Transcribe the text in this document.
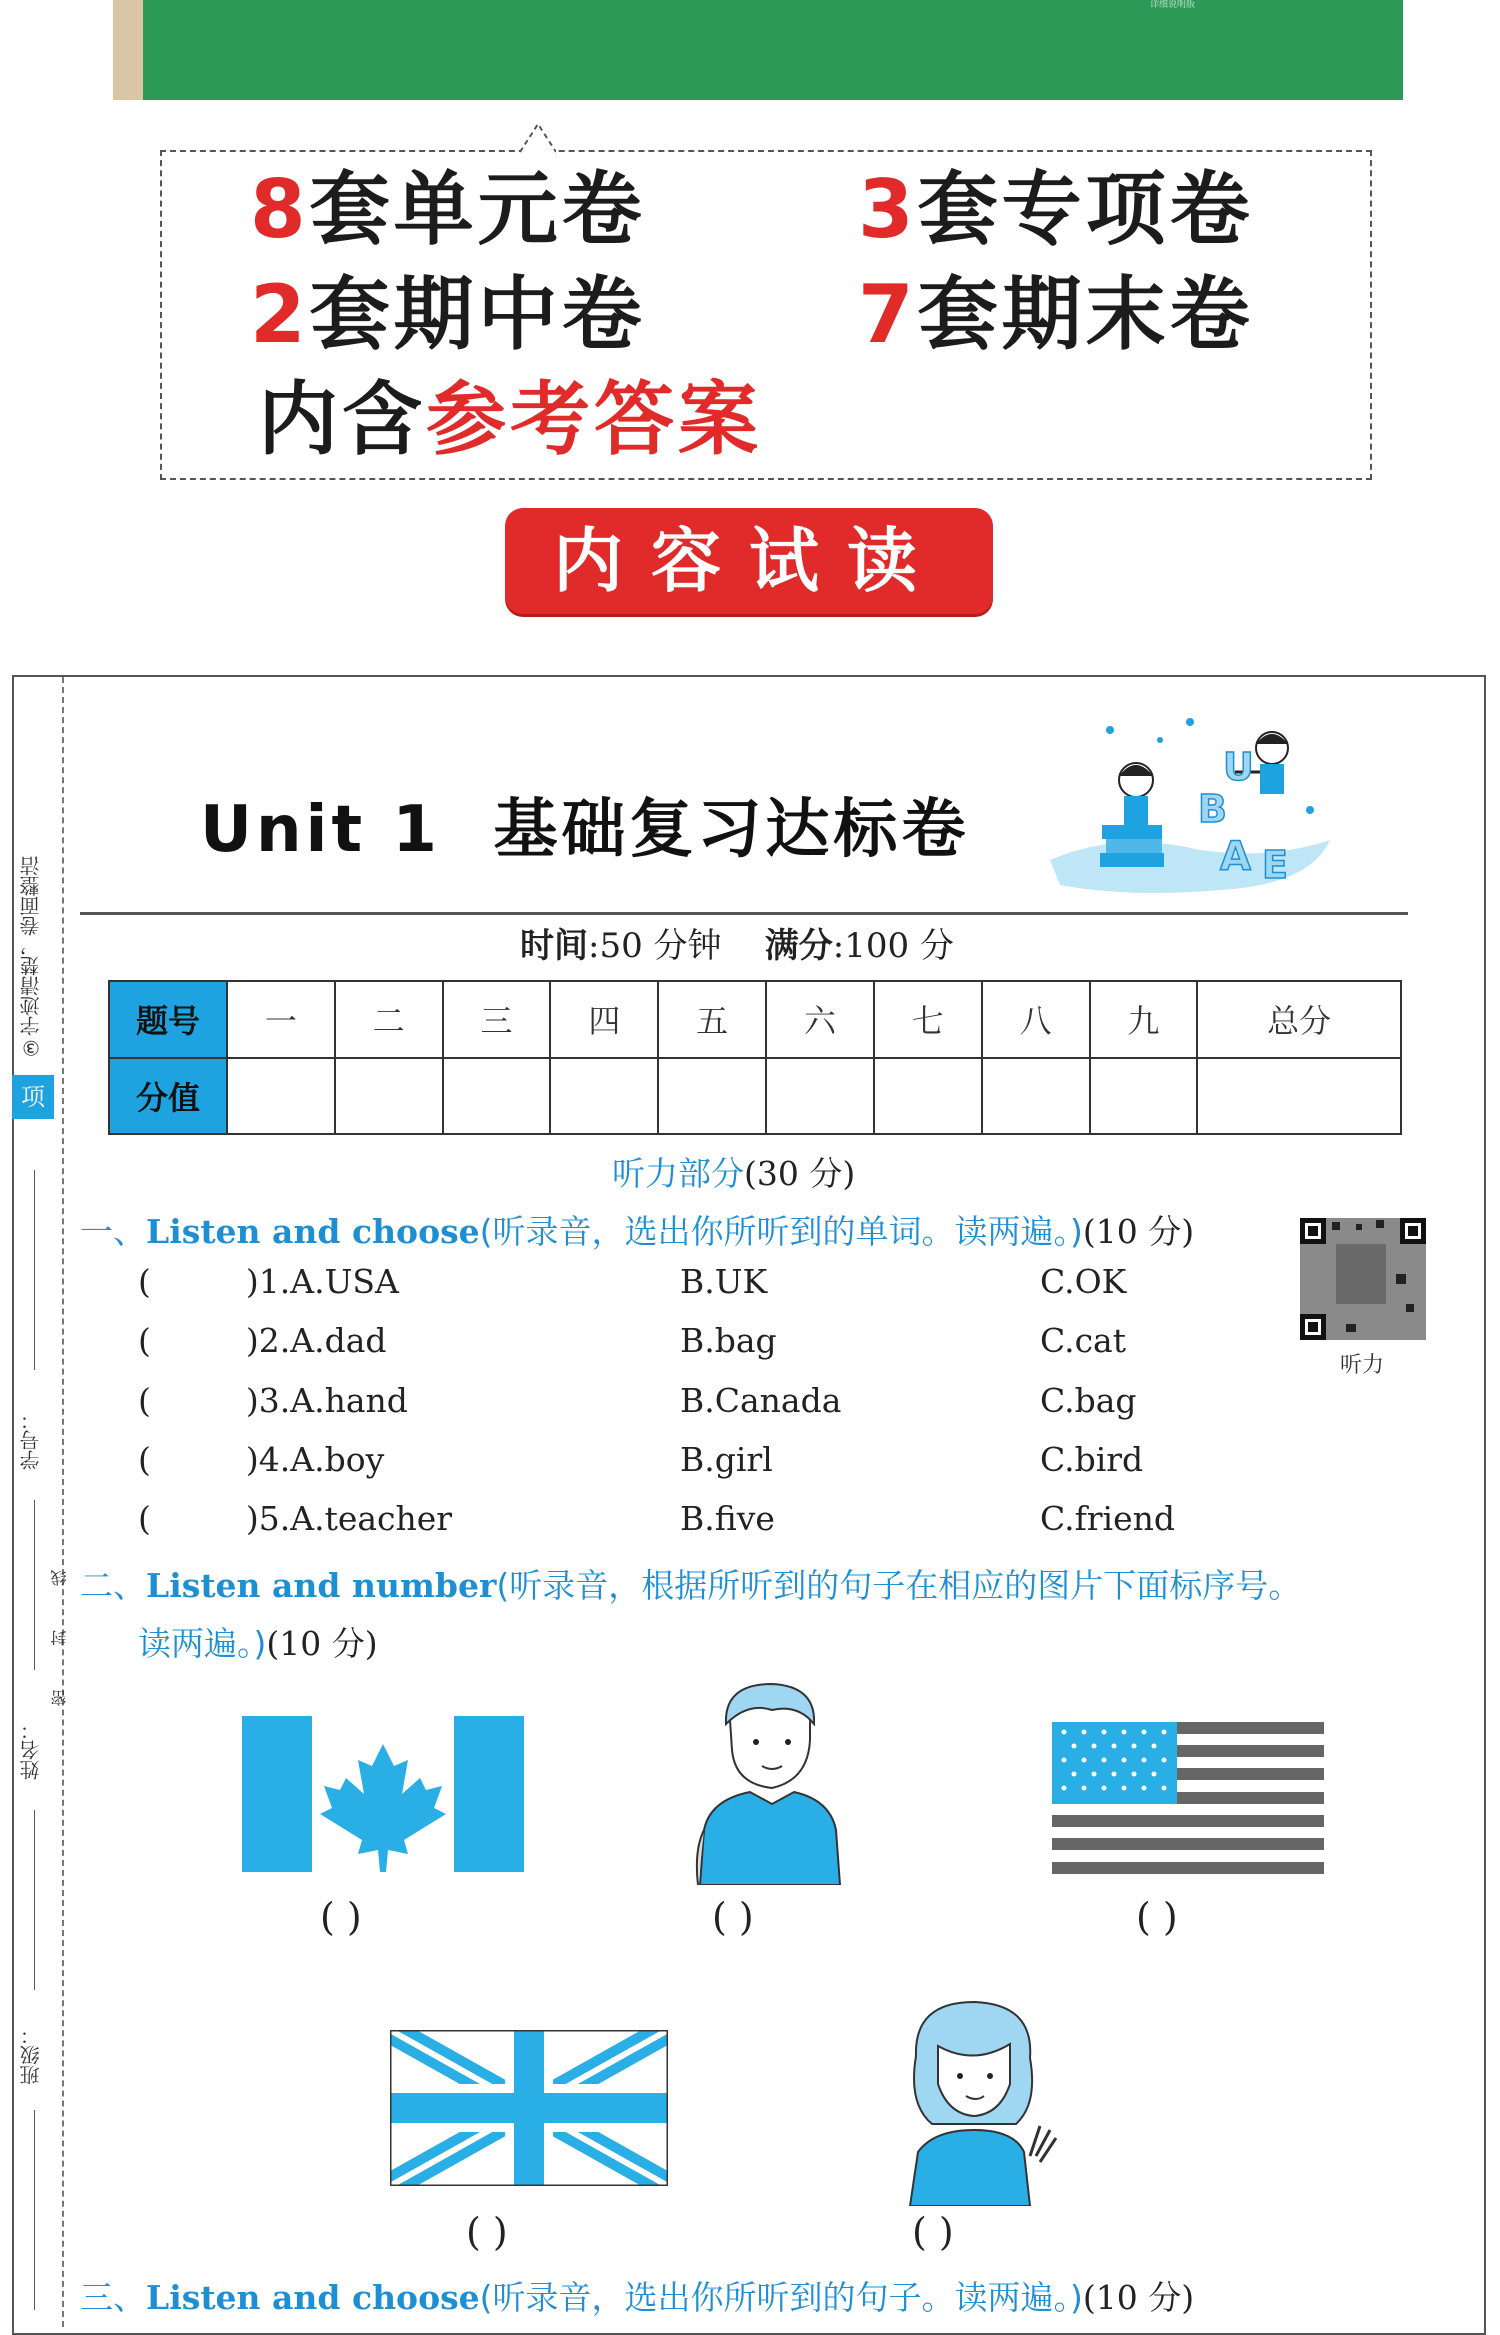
详细说明版
8套单元卷	3套专项卷
2套期中卷	7套期末卷
内含参考答案
内容试读
项
③字迹清楚，卷面整洁
学号：
姓名：
班级：
线
封
密
Unit 1 基础复习达标卷
U
B
A E
时间:50 分钟 满分:100 分
题号	一	二	三	四	五	六	七	八	九	总分
分值										
听力部分(30 分)
一、Listen and choose(听录音，选出你所听到的单词。读两遍。)(10 分)
听力
(	)1.A.USA	B.UK	C.OK
(	)2.A.dad	B.bag	C.cat
(	)3.A.hand	B.Canada	C.bag
(	)4.A.boy	B.girl	C.bird
(	)5.A.teacher	B.five	C.friend
二、Listen and number(听录音，根据所听到的句子在相应的图片下面标序号。
读两遍。)(10 分)
( )	( )	( )
( )	( )
三、Listen and choose(听录音，选出你所听到的句子。读两遍。)(10 分)
